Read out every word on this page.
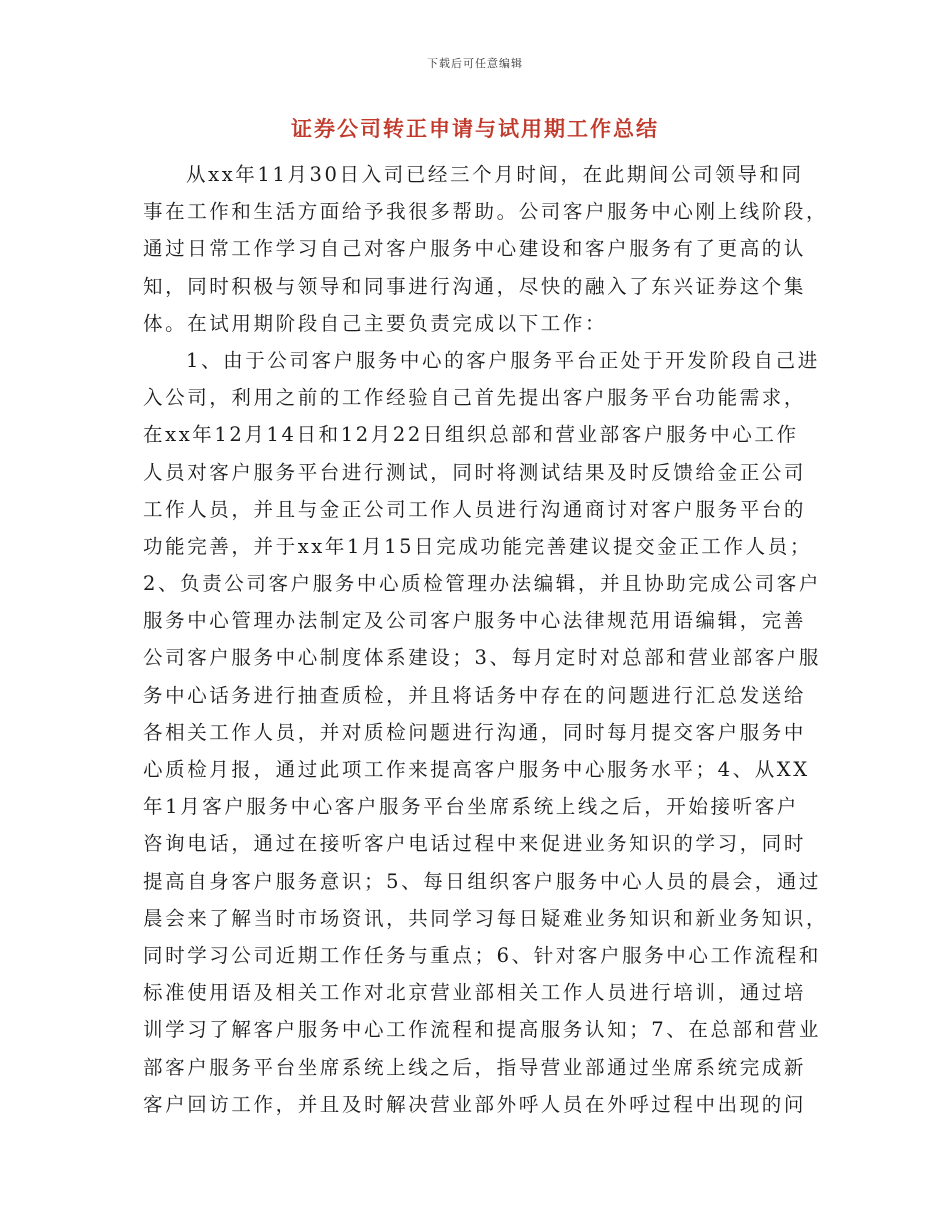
下载后可任意编辑
证券公司转正申请与试用期工作总结
从xx年11月30日入司已经三个月时间，在此期间公司领导和同
事在工作和生活方面给予我很多帮助。公司客户服务中心刚上线阶段，
通过日常工作学习自己对客户服务中心建设和客户服务有了更高的认
知，同时积极与领导和同事进行沟通，尽快的融入了东兴证券这个集
体。在试用期阶段自己主要负责完成以下工作：
1、由于公司客户服务中心的客户服务平台正处于开发阶段自己进
入公司，利用之前的工作经验自己首先提出客户服务平台功能需求，
在xx年12月14日和12月22日组织总部和营业部客户服务中心工作
人员对客户服务平台进行测试，同时将测试结果及时反馈给金正公司
工作人员，并且与金正公司工作人员进行沟通商讨对客户服务平台的
功能完善，并于xx年1月15日完成功能完善建议提交金正工作人员；
2、负责公司客户服务中心质检管理办法编辑，并且协助完成公司客户
服务中心管理办法制定及公司客户服务中心法律规范用语编辑，完善
公司客户服务中心制度体系建设；3、每月定时对总部和营业部客户服
务中心话务进行抽查质检，并且将话务中存在的问题进行汇总发送给
各相关工作人员，并对质检问题进行沟通，同时每月提交客户服务中
心质检月报，通过此项工作来提高客户服务中心服务水平；4、从XX
年1月客户服务中心客户服务平台坐席系统上线之后，开始接听客户
咨询电话，通过在接听客户电话过程中来促进业务知识的学习，同时
提高自身客户服务意识；5、每日组织客户服务中心人员的晨会，通过
晨会来了解当时市场资讯，共同学习每日疑难业务知识和新业务知识，
同时学习公司近期工作任务与重点；6、针对客户服务中心工作流程和
标准使用语及相关工作对北京营业部相关工作人员进行培训，通过培
训学习了解客户服务中心工作流程和提高服务认知；7、在总部和营业
部客户服务平台坐席系统上线之后，指导营业部通过坐席系统完成新
客户回访工作，并且及时解决营业部外呼人员在外呼过程中出现的问
